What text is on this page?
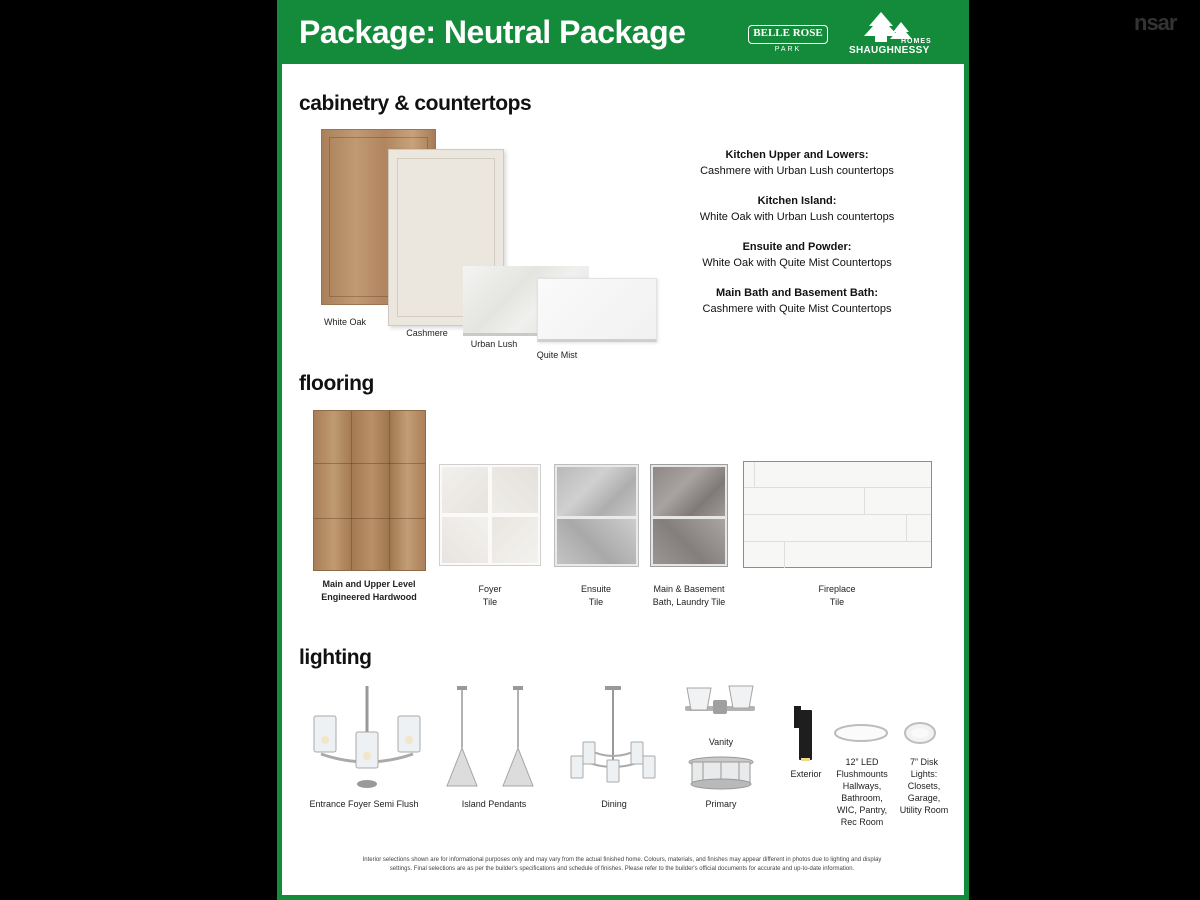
nsar
Package: Neutral Package	BELLE ROSE
PARK
HOMES
SHAUGHNESSY
cabinetry & countertops
White Oak
Cashmere
Urban Lush
Quite Mist
Kitchen Upper and Lowers:
Cashmere with Urban Lush countertops
Kitchen Island:
White Oak with Urban Lush countertops
Ensuite and Powder:
White Oak with Quite Mist Countertops
Main Bath and Basement Bath:
Cashmere with Quite Mist Countertops
flooring
Main and Upper Level
Engineered Hardwood
Foyer
Tile
Ensuite
Tile
Main & Basement
Bath, Laundry Tile
Fireplace
Tile
lighting
Entrance Foyer Semi Flush	Island Pendants	Dining
Vanity
Primary
Exterior
12” LED
Flushmounts
Hallways,
Bathroom,
WIC, Pantry,
Rec Room
7” Disk
Lights:
Closets,
Garage,
Utility Room
Interior selections shown are for informational purposes only and may vary from the actual finished home. Colours, materials, and finishes may appear different in photos due to lighting and display
settings. Final selections are as per the builder's specifications and schedule of finishes. Please refer to the builder's official documents for accurate and up-to-date information.
